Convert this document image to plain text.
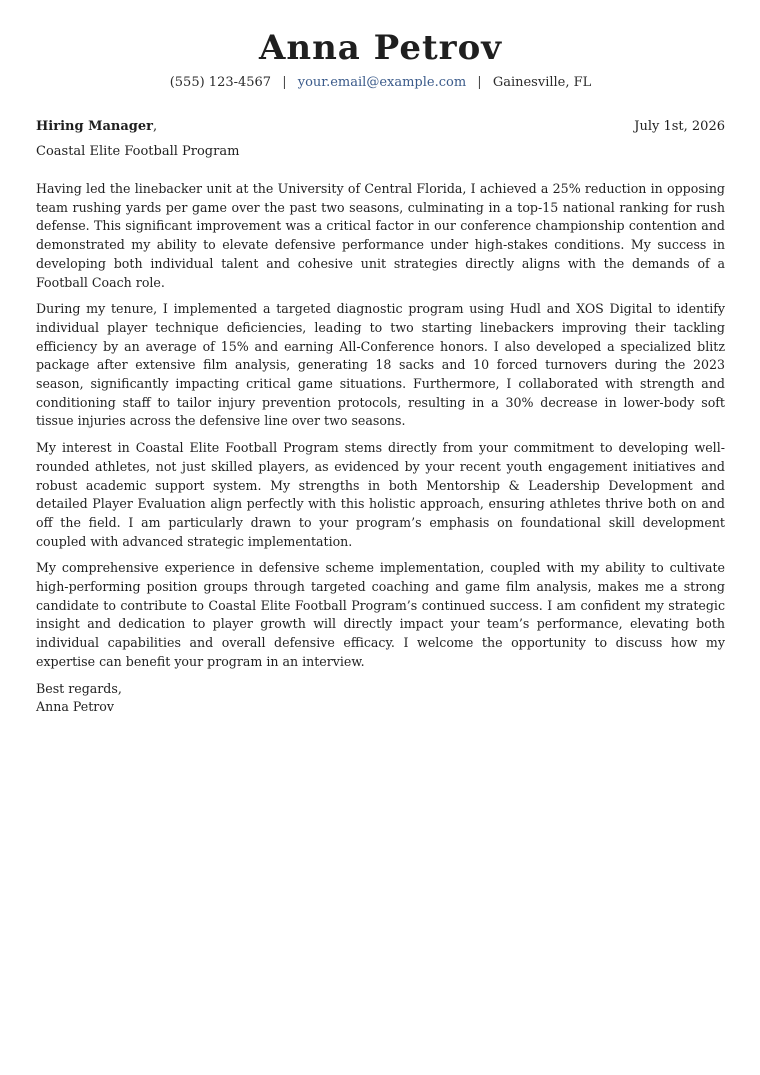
Anna Petrov
(555) 123-4567 | your.email@example.com | Gainesville, FL
Hiring Manager,	July 1st, 2026
Coastal Elite Football Program

Having led the linebacker unit at the University of Central Florida, I achieved a 25% reduction in opposing team rushing yards per game over the past two seasons, culminating in a top-15 national ranking for rush defense. This significant improvement was a critical factor in our conference championship contention and demonstrated my ability to elevate defensive performance under high-stakes conditions. My success in developing both individual talent and cohesive unit strategies directly aligns with the demands of a Football Coach role.

During my tenure, I implemented a targeted diagnostic program using Hudl and XOS Digital to identify individual player technique deficiencies, leading to two starting linebackers improving their tackling efficiency by an average of 15% and earning All-Conference honors. I also developed a specialized blitz package after extensive film analysis, generating 18 sacks and 10 forced turnovers during the 2023 season, significantly impacting critical game situations. Furthermore, I collaborated with strength and conditioning staff to tailor injury prevention protocols, resulting in a 30% decrease in lower-body soft tissue injuries across the defensive line over two seasons.

My interest in Coastal Elite Football Program stems directly from your commitment to developing well-rounded athletes, not just skilled players, as evidenced by your recent youth engagement initiatives and robust academic support system. My strengths in both Mentorship & Leadership Development and detailed Player Evaluation align perfectly with this holistic approach, ensuring athletes thrive both on and off the field. I am particularly drawn to your program’s emphasis on foundational skill development coupled with advanced strategic implementation.

My comprehensive experience in defensive scheme implementation, coupled with my ability to cultivate high-performing position groups through targeted coaching and game film analysis, makes me a strong candidate to contribute to Coastal Elite Football Program’s continued success. I am confident my strategic insight and dedication to player growth will directly impact your team’s performance, elevating both individual capabilities and overall defensive efficacy. I welcome the opportunity to discuss how my expertise can benefit your program in an interview.

Best regards,
Anna Petrov
